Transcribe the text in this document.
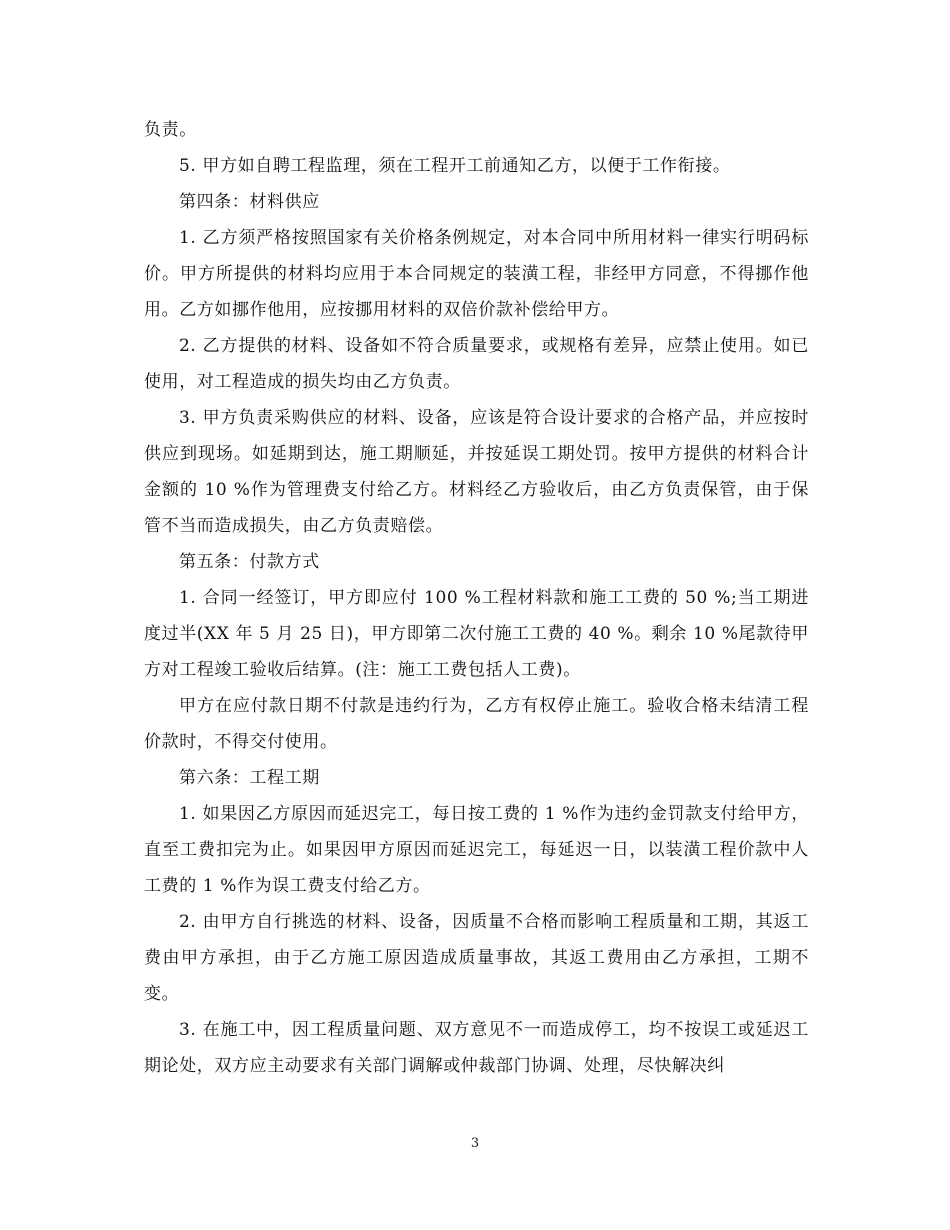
负责。

5. 甲方如自聘工程监理，须在工程开工前通知乙方，以便于工作衔接。

第四条：材料供应

1. 乙方须严格按照国家有关价格条例规定，对本合同中所用材料一律实行明码标价。甲方所提供的材料均应用于本合同规定的装潢工程，非经甲方同意，不得挪作他用。乙方如挪作他用，应按挪用材料的双倍价款补偿给甲方。

2. 乙方提供的材料、设备如不符合质量要求，或规格有差异，应禁止使用。如已使用，对工程造成的损失均由乙方负责。

3. 甲方负责采购供应的材料、设备，应该是符合设计要求的合格产品，并应按时供应到现场。如延期到达，施工期顺延，并按延误工期处罚。按甲方提供的材料合计金额的 10 %作为管理费支付给乙方。材料经乙方验收后，由乙方负责保管，由于保管不当而造成损失，由乙方负责赔偿。

第五条：付款方式

1. 合同一经签订，甲方即应付 100 %工程材料款和施工工费的 50 %;当工期进度过半(XX 年 5 月 25 日)，甲方即第二次付施工工费的 40 %。剩余 10 %尾款待甲方对工程竣工验收后结算。(注：施工工费包括人工费)。

甲方在应付款日期不付款是违约行为，乙方有权停止施工。验收合格未结清工程价款时，不得交付使用。

第六条：工程工期

1. 如果因乙方原因而延迟完工，每日按工费的 1 %作为违约金罚款支付给甲方，直至工费扣完为止。如果因甲方原因而延迟完工，每延迟一日，以装潢工程价款中人工费的 1 %作为误工费支付给乙方。

2. 由甲方自行挑选的材料、设备，因质量不合格而影响工程质量和工期，其返工费由甲方承担，由于乙方施工原因造成质量事故，其返工费用由乙方承担，工期不变。

3. 在施工中，因工程质量问题、双方意见不一而造成停工，均不按误工或延迟工期论处，双方应主动要求有关部门调解或仲裁部门协调、处理，尽快解决纠

3
